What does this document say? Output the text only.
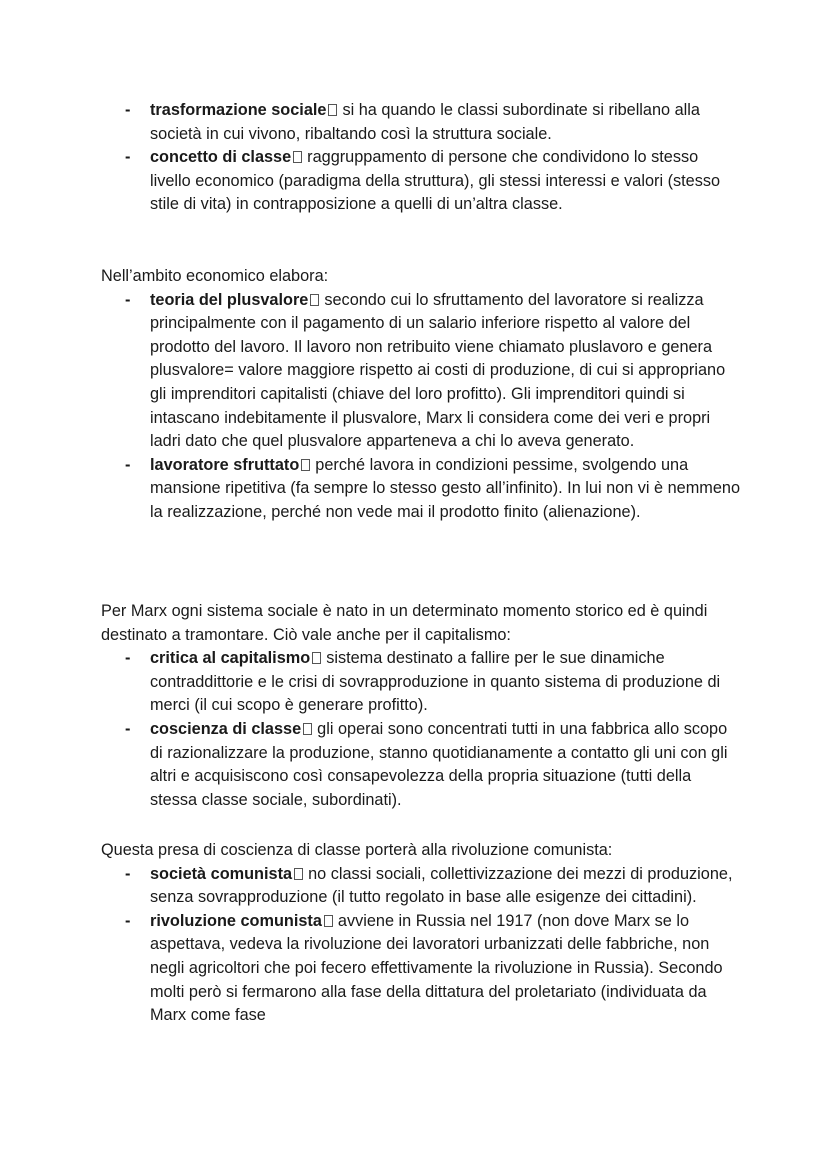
- trasformazione sociale si ha quando le classi subordinate si ribellano alla società in cui vivono, ribaltando così la struttura sociale.
- concetto di classe raggruppamento di persone che condividono lo stesso livello economico (paradigma della struttura), gli stessi interessi e valori (stesso stile di vita) in contrapposizione a quelli di un’altra classe.

Nell’ambito economico elabora:

- teoria del plusvalore secondo cui lo sfruttamento del lavoratore si realizza principalmente con il pagamento di un salario inferiore rispetto al valore del prodotto del lavoro. Il lavoro non retribuito viene chiamato pluslavoro e genera plusvalore= valore maggiore rispetto ai costi di produzione, di cui si appropriano gli imprenditori capitalisti (chiave del loro profitto). Gli imprenditori quindi si intascano indebitamente il plusvalore, Marx li considera come dei veri e propri ladri dato che quel plusvalore apparteneva a chi lo aveva generato.
- lavoratore sfruttato perché lavora in condizioni pessime, svolgendo una mansione ripetitiva (fa sempre lo stesso gesto all’infinito). In lui non vi è nemmeno la realizzazione, perché non vede mai il prodotto finito (alienazione).

Per Marx ogni sistema sociale è nato in un determinato momento storico ed è quindi destinato a tramontare. Ciò vale anche per il capitalismo:

- critica al capitalismo sistema destinato a fallire per le sue dinamiche contraddittorie e le crisi di sovrapproduzione in quanto sistema di produzione di merci (il cui scopo è generare profitto).
- coscienza di classe gli operai sono concentrati tutti in una fabbrica allo scopo di razionalizzare la produzione, stanno quotidianamente a contatto gli uni con gli altri e acquisiscono così consapevolezza della propria situazione (tutti della stessa classe sociale, subordinati).

Questa presa di coscienza di classe porterà alla rivoluzione comunista:

- società comunista no classi sociali, collettivizzazione dei mezzi di produzione, senza sovrapproduzione (il tutto regolato in base alle esigenze dei cittadini).
- rivoluzione comunista avviene in Russia nel 1917 (non dove Marx se lo aspettava, vedeva la rivoluzione dei lavoratori urbanizzati delle fabbriche, non negli agricoltori che poi fecero effettivamente la rivoluzione in Russia). Secondo molti però si fermarono alla fase della dittatura del proletariato (individuata da Marx come fase
